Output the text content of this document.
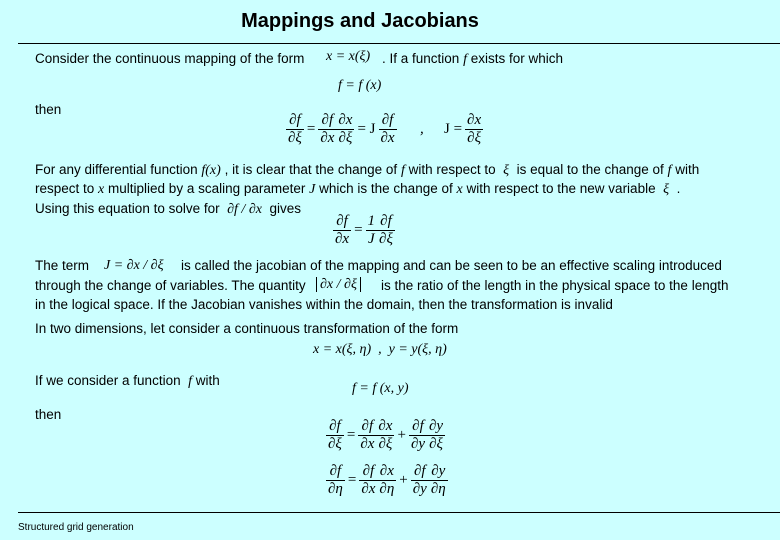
Mappings and Jacobians
Consider the continuous mapping of the form x = x(ξ) . If a function f exists for which
f = f (x)
then
$\frac{\partial f}{\partial\xi} = \frac{\partial f}{\partial x} \frac{\partial x}{\partial\xi} = J \frac{\partial f}{\partial x}$ , $J = \frac{\partial x}{\partial\xi}$
For any differential function f(x) , it is clear that the change of f with respect to ξ is equal to the change of f with
respect to x multiplied by a scaling parameter J which is the change of x with respect to the new variable ξ .
Using this equation to solve for ∂f / ∂x gives
$\frac{\partial f}{\partial x} = \frac{1}{J} \frac{\partial f}{\partial\xi}$
The term J = ∂x / ∂ξ is called the jacobian of the mapping and can be seen to be an effective scaling introduced
through the change of variables. The quantity ∂x / ∂ξ is the ratio of the length in the physical space to the length
in the logical space. If the Jacobian vanishes within the domain, then the transformation is invalid
In two dimensions, let consider a continuous transformation of the form
x = x(ξ, η)  ,  y = y(ξ, η)
If we consider a function f with
f = f (x, y)
then
$\frac{\partial f}{\partial\xi} = \frac{\partial f}{\partial x} \frac{\partial x}{\partial\xi} + \frac{\partial f}{\partial y} \frac{\partial y}{\partial\xi}$
$\frac{\partial f}{\partial\eta} = \frac{\partial f}{\partial x} \frac{\partial x}{\partial\eta} + \frac{\partial f}{\partial y} \frac{\partial y}{\partial\eta}$
Structured grid generation
